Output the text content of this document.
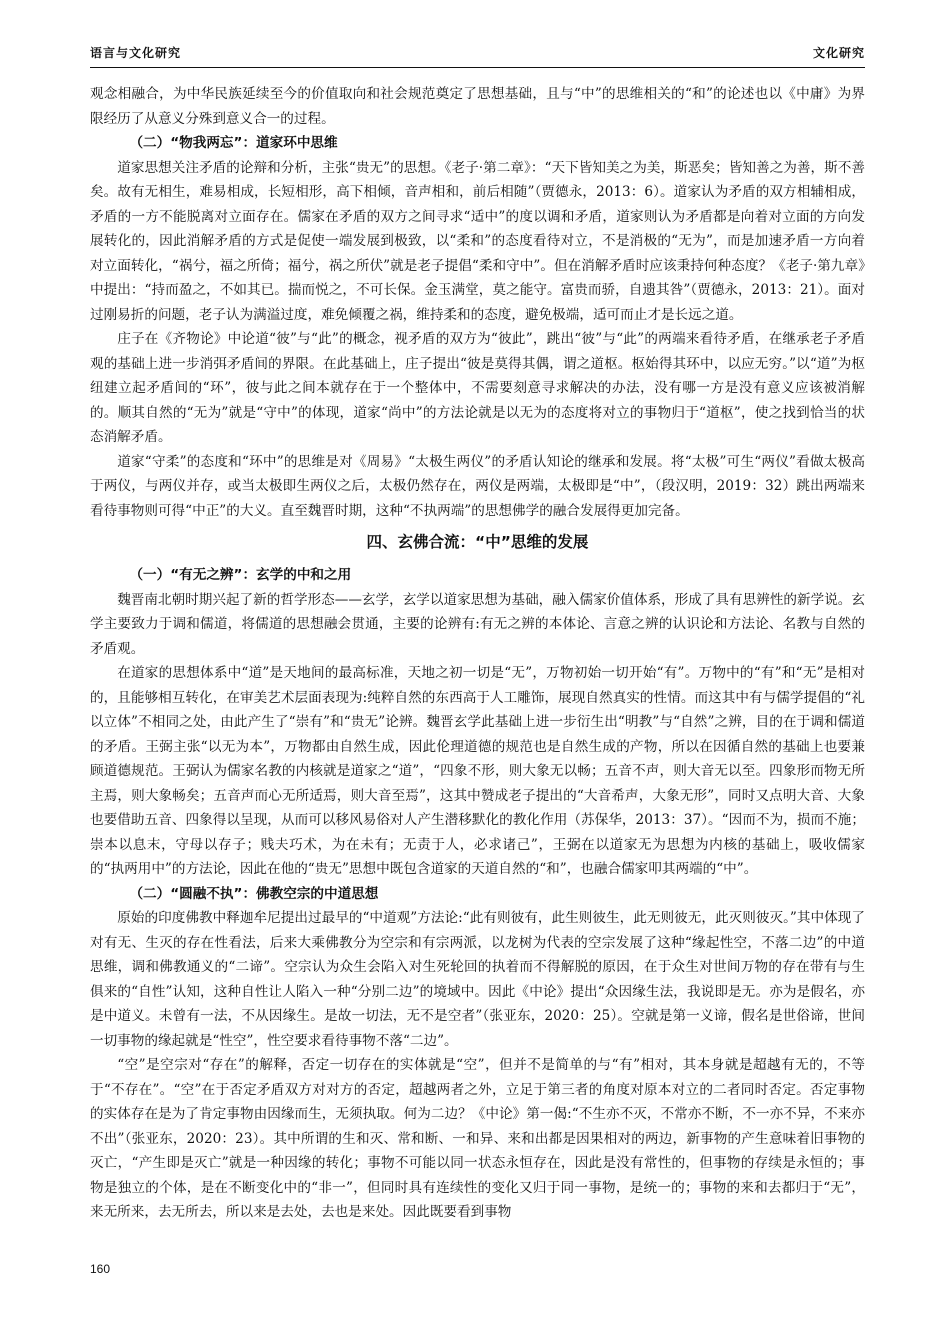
语言与文化研究	文化研究

观念相融合，为中华民族延续至今的价值取向和社会规范奠定了思想基础，且与“中”的思维相关的“和”的论述也以《中庸》为界限经历了从意义分殊到意义合一的过程。

（二）“物我两忘”：道家环中思维

道家思想关注矛盾的论辩和分析，主张“贵无”的思想。《老子·第二章》：“天下皆知美之为美，斯恶矣；皆知善之为善，斯不善矣。故有无相生，难易相成，长短相形，高下相倾，音声相和，前后相随”（贾德永，2013：6）。道家认为矛盾的双方相辅相成，矛盾的一方不能脱离对立面存在。儒家在矛盾的双方之间寻求“适中”的度以调和矛盾，道家则认为矛盾都是向着对立面的方向发展转化的，因此消解矛盾的方式是促使一端发展到极致，以“柔和”的态度看待对立，不是消极的“无为”，而是加速矛盾一方向着对立面转化，“祸兮，福之所倚；福兮，祸之所伏”就是老子提倡“柔和守中”。但在消解矛盾时应该秉持何种态度？《老子·第九章》中提出：“持而盈之，不如其已。揣而悦之，不可长保。金玉满堂，莫之能守。富贵而骄，自遗其咎”（贾德永，2013：21）。面对过刚易折的问题，老子认为满溢过度，难免倾覆之祸，维持柔和的态度，避免极端，适可而止才是长远之道。

庄子在《齐物论》中论道“彼”与“此”的概念，视矛盾的双方为“彼此”，跳出“彼”与“此”的两端来看待矛盾，在继承老子矛盾观的基础上进一步消弭矛盾间的界限。在此基础上，庄子提出“彼是莫得其偶，谓之道枢。枢始得其环中，以应无穷。”以“道”为枢纽建立起矛盾间的“环”，彼与此之间本就存在于一个整体中，不需要刻意寻求解决的办法，没有哪一方是没有意义应该被消解的。顺其自然的“无为”就是“守中”的体现，道家“尚中”的方法论就是以无为的态度将对立的事物归于“道枢”，使之找到恰当的状态消解矛盾。

道家“守柔”的态度和“环中”的思维是对《周易》“太极生两仪”的矛盾认知论的继承和发展。将“太极”可生“两仪”看做太极高于两仪，与两仪并存，或当太极即生两仪之后，太极仍然存在，两仪是两端，太极即是“中”，（段汉明，2019：32）跳出两端来看待事物则可得“中正”的大义。直至魏晋时期，这种“不执两端”的思想佛学的融合发展得更加完备。

四、玄佛合流：“中”思维的发展
（一）“有无之辨”：玄学的中和之用

魏晋南北朝时期兴起了新的哲学形态——玄学，玄学以道家思想为基础，融入儒家价值体系，形成了具有思辨性的新学说。玄学主要致力于调和儒道，将儒道的思想融会贯通，主要的论辨有:有无之辨的本体论、言意之辨的认识论和方法论、名教与自然的矛盾观。

在道家的思想体系中“道”是天地间的最高标准，天地之初一切是“无”，万物初始一切开始“有”。万物中的“有”和“无”是相对的，且能够相互转化，在审美艺术层面表现为:纯粹自然的东西高于人工雕饰，展现自然真实的性情。而这其中有与儒学提倡的“礼以立体”不相同之处，由此产生了“崇有”和“贵无”论辨。魏晋玄学此基础上进一步衍生出“明教”与“自然”之辨，目的在于调和儒道的矛盾。王弼主张“以无为本”，万物都由自然生成，因此伦理道德的规范也是自然生成的产物，所以在因循自然的基础上也要兼顾道德规范。王弼认为儒家名教的内核就是道家之“道”，“四象不形，则大象无以畅；五音不声，则大音无以至。四象形而物无所主焉，则大象畅矣；五音声而心无所适焉，则大音至焉”，这其中赞成老子提出的“大音希声，大象无形”，同时又点明大音、大象也要借助五音、四象得以呈现，从而可以移风易俗对人产生潜移默化的教化作用（苏保华，2013：37）。“因而不为，损而不施；崇本以息末，守母以存子；贱夫巧术，为在未有；无责于人，必求诸己”，王弼在以道家无为思想为内核的基础上，吸收儒家的“执两用中”的方法论，因此在他的“贵无”思想中既包含道家的天道自然的“和”，也融合儒家叩其两端的“中”。

（二）“圆融不执”：佛教空宗的中道思想

原始的印度佛教中释迦牟尼提出过最早的“中道观”方法论:“此有则彼有，此生则彼生，此无则彼无，此灭则彼灭。”其中体现了对有无、生灭的存在性看法，后来大乘佛教分为空宗和有宗两派，以龙树为代表的空宗发展了这种“缘起性空，不落二边”的中道思维，调和佛教通义的“二谛”。空宗认为众生会陷入对生死轮回的执着而不得解脱的原因，在于众生对世间万物的存在带有与生俱来的“自性”认知，这种自性让人陷入一种“分别二边”的境域中。因此《中论》提出“众因缘生法，我说即是无。亦为是假名，亦是中道义。未曾有一法，不从因缘生。是故一切法，无不是空者”（张亚东，2020：25）。空就是第一义谛，假名是世俗谛，世间一切事物的缘起就是“性空”，性空要求看待事物不落“二边”。

“空”是空宗对“存在”的解释，否定一切存在的实体就是“空”，但并不是简单的与“有”相对，其本身就是超越有无的，不等于“不存在”。“空”在于否定矛盾双方对对方的否定，超越两者之外，立足于第三者的角度对原本对立的二者同时否定。否定事物的实体存在是为了肯定事物由因缘而生，无须执取。何为二边？《中论》第一偈:“不生亦不灭，不常亦不断，不一亦不异，不来亦不出”（张亚东，2020：23）。其中所谓的生和灭、常和断、一和异、来和出都是因果相对的两边，新事物的产生意味着旧事物的灭亡，“产生即是灭亡”就是一种因缘的转化；事物不可能以同一状态永恒存在，因此是没有常性的，但事物的存续是永恒的；事物是独立的个体，是在不断变化中的“非一”，但同时具有连续性的变化又归于同一事物，是统一的；事物的来和去都归于“无”，来无所来，去无所去，所以来是去处，去也是来处。因此既要看到事物

160
